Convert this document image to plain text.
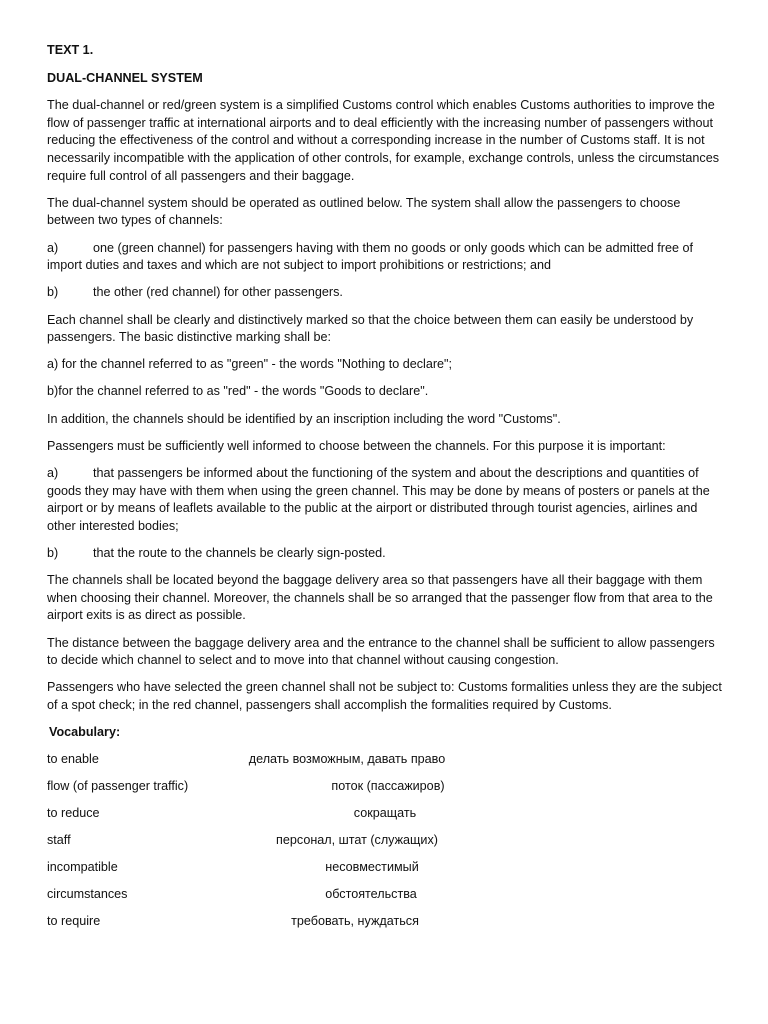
TEXT 1.
DUAL-CHANNEL SYSTEM

The dual-channel or red/green system is a simplified Customs control which enables Customs authorities to improve the flow of passenger traffic at international airports and to deal efficiently with the increasing number of passengers without reducing the effectiveness of the control and without a corresponding increase in the number of Customs staff. It is not necessarily incompatible with the application of other controls, for example, exchange controls, unless the circumstances require full control of all passengers and their baggage.

The dual-channel system should be operated as outlined below. The system shall allow the passengers to choose between two types of channels:

a)	one (green channel) for passengers having with them no goods or only goods which can be admitted free of import duties and taxes and which are not subject to import prohibitions or restrictions; and
b)	the other (red channel) for other passengers.

Each channel shall be clearly and distinctively marked so that the choice between them can easily be understood by passengers. The basic distinctive marking shall be:

a) for the channel referred to as "green" - the words "Nothing to declare";

b)for the channel referred to as "red" - the words "Goods to declare".

In addition, the channels should be identified by an inscription including the word "Customs".

Passengers must be sufficiently well informed to choose between the channels. For this purpose it is important:

a)	that passengers be informed about the functioning of the system and about the descriptions and quantities of goods they may have with them when using the green channel. This may be done by means of posters or panels at the airport or by means of leaflets available to the public at the airport or distributed through tourist agencies, airlines and other interested bodies;
b)	that the route to the channels be clearly sign-posted.

The channels shall be located beyond the baggage delivery area so that passengers have all their baggage with them when choosing their channel. Moreover, the channels shall be so arranged that the passenger flow from that area to the airport exits is as direct as possible.

The distance between the baggage delivery area and the entrance to the channel shall be sufficient to allow passengers to decide which channel to select and to move into that channel without causing congestion.

Passengers who have selected the green channel shall not be subject to: Customs formalities unless they are the subject of a spot check; in the red channel, passengers shall accomplish the formalities required by Customs.

Vocabulary:
to enable	делать возможным, давать право
flow (of passenger traffic)	поток (пассажиров)
to reduce	сокращать
staff	персонал, штат (служащих)
incompatible	несовместимый
circumstances	обстоятельства
to require	требовать, нуждаться
